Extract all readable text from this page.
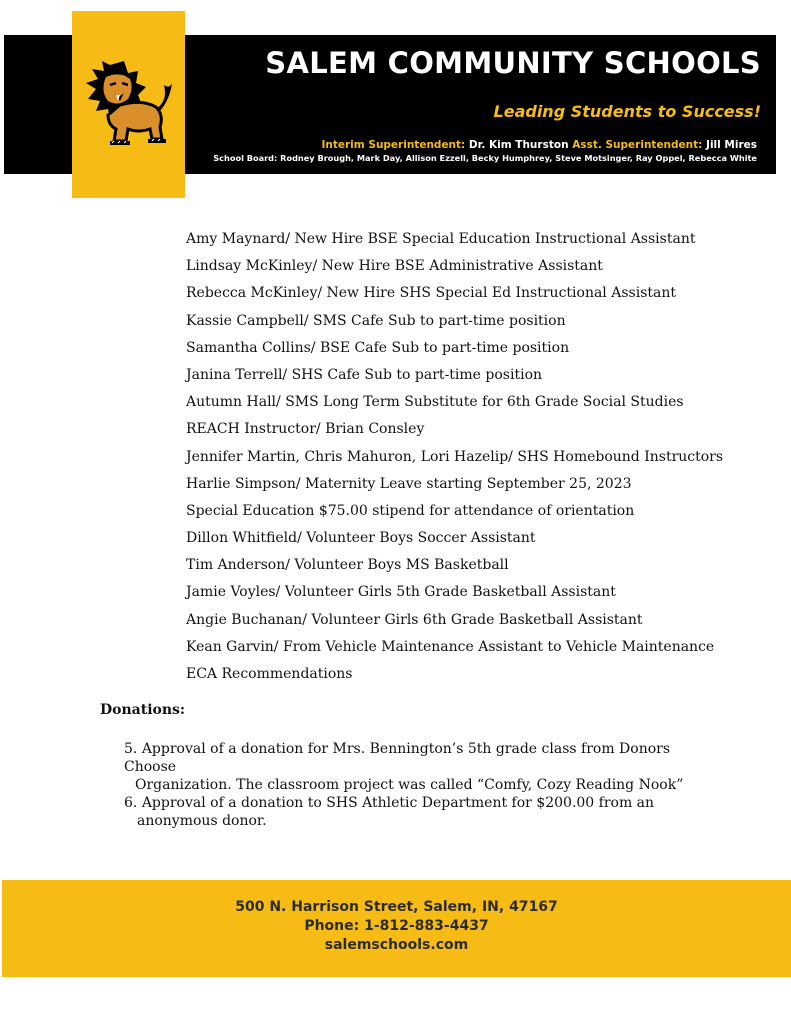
SALEM COMMUNITY SCHOOLS
Leading Students to Success!
Interim Superintendent: Dr. Kim Thurston Asst. Superintendent: Jill Mires
School Board: Rodney Brough, Mark Day, Allison Ezzell, Becky Humphrey, Steve Motsinger, Ray Oppel, Rebecca White
Amy Maynard/ New Hire BSE Special Education Instructional Assistant
Lindsay McKinley/ New Hire BSE Administrative Assistant
Rebecca McKinley/ New Hire SHS Special Ed Instructional Assistant
Kassie Campbell/ SMS Cafe Sub to part-time position
Samantha Collins/ BSE Cafe Sub to part-time position
Janina Terrell/ SHS Cafe Sub to part-time position
Autumn Hall/ SMS Long Term Substitute for 6th Grade Social Studies
REACH Instructor/ Brian Consley
Jennifer Martin, Chris Mahuron, Lori Hazelip/ SHS Homebound Instructors
Harlie Simpson/ Maternity Leave starting September 25, 2023
Special Education $75.00 stipend for attendance of orientation
Dillon Whitfield/ Volunteer Boys Soccer Assistant
Tim Anderson/ Volunteer Boys MS Basketball
Jamie Voyles/ Volunteer Girls 5th Grade Basketball Assistant
Angie Buchanan/ Volunteer Girls 6th Grade Basketball Assistant
Kean Garvin/ From Vehicle Maintenance Assistant to Vehicle Maintenance
ECA Recommendations
Donations:
5. Approval of a donation for Mrs. Bennington’s 5th grade class from Donors Choose
Organization. The classroom project was called “Comfy, Cozy Reading Nook”
6. Approval of a donation to SHS Athletic Department for $200.00 from an
anonymous donor.
500 N. Harrison Street, Salem, IN, 47167
Phone: 1-812-883-4437
salemschools.com
